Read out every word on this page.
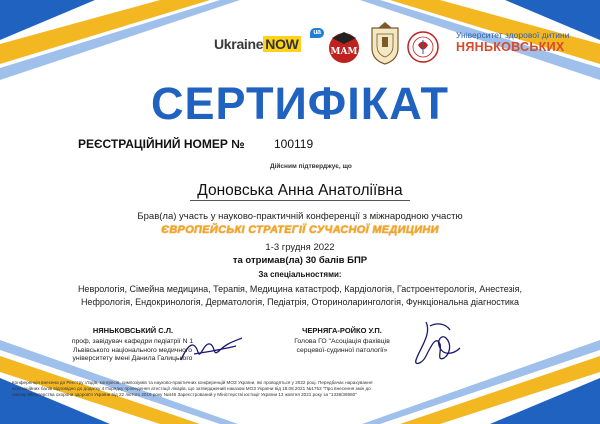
Ukraine NOW
ua
MAM
Університет здорової дитини
НЯНЬКОВСЬКИХ
СЕРТИФІКАТ
РЕЄСТРАЦІЙНИЙ НОМЕР № 100119
Дійсним підтверджує, що
Доновська Анна Анатоліївна
Брав(ла) участь у науково-практичній конференції з міжнародною участю
ЄВРОПЕЙСЬКІ СТРАТЕГІЇ СУЧАСНОЇ МЕДИЦИНИ
1-3 грудня 2022
та отримав(ла) 30 балів БПР
За спеціальностями:
Неврологія, Сімейна медицина, Терапія, Медицина катастроф, Кардіологія, Гастроентерологія, Анестезія,
Нефрологія, Ендокринологія, Дерматологія, Педіатрія, Оториноларингологія, Функціональна діагностика
НЯНЬКОВСЬКИЙ С.Л.
проф, завідувач кафедри педіатрії N 1
Львівського національного медичного
університету імені Данила Галицького
ЧЕРНЯГА-РОЙКО У.П.
Голова ГО "Асоціація фахівців
серцевої-судинної патології»
Конференція внесена до Реєстру з'їздів, конгресів, симпозіумів та науково-практичних конференцій МОЗ України, які проводяться у 2022 році. Передбачає нарахування
атестаційних балів відповідно до додатку 4 Порядку проведення атестації лікарів, що затверджений наказом МОЗ України від 18.08.2021 №1753 "Про внесення змін до
наказу Міністерства охорони здоров'я України від 22 лютого 2019 року №446 Зареєстрований у Міністерстві юстиції України 13 жовтня 2021 року за "1338/36960"
